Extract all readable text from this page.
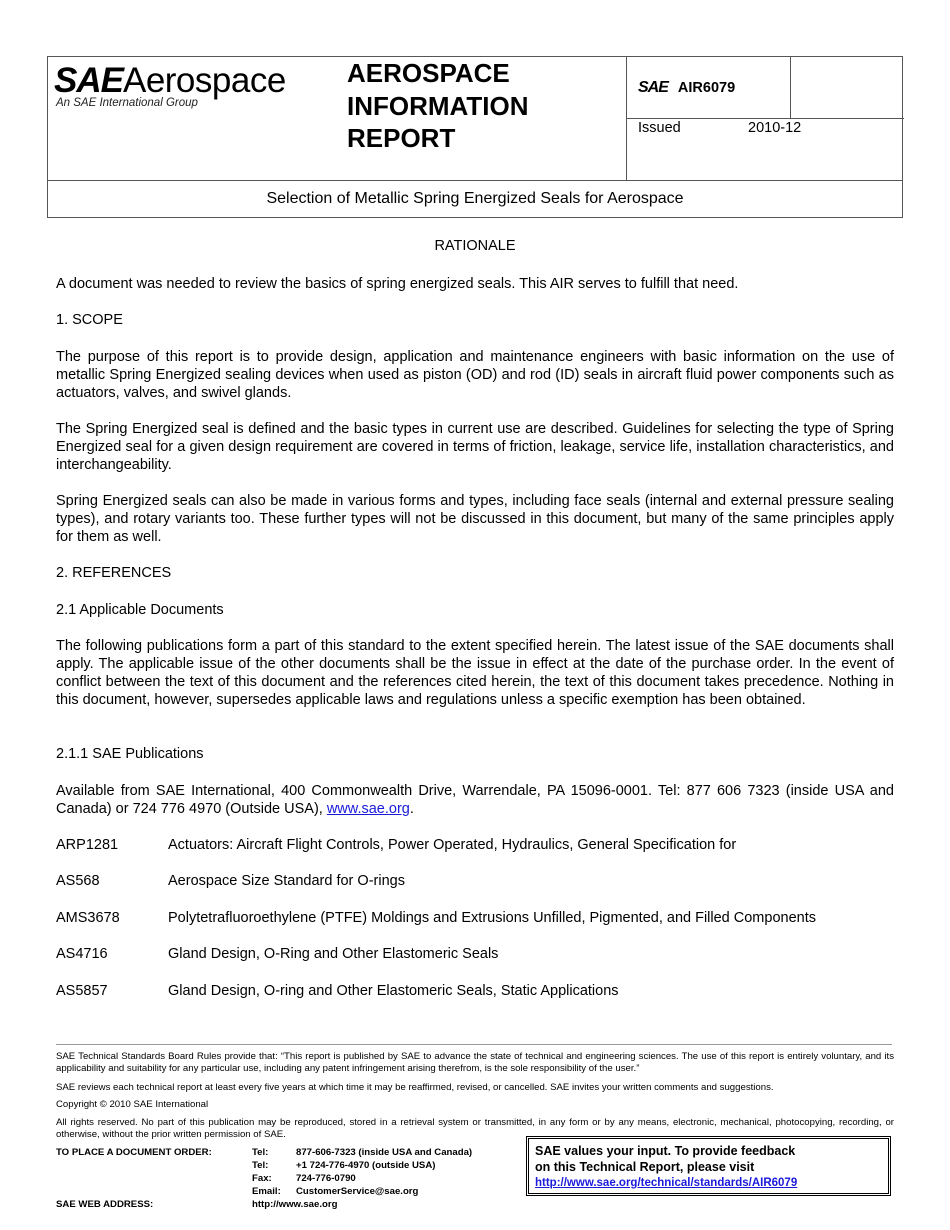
SAEAerospace
An SAE International Group
AEROSPACE
INFORMATION
REPORT
SAE AIR6079
Issued	2010-12
Selection of Metallic Spring Energized Seals for Aerospace
RATIONALE
A document was needed to review the basics of spring energized seals. This AIR serves to fulfill that need.
1. SCOPE
The purpose of this report is to provide design, application and maintenance engineers with basic information on the use of metallic Spring Energized sealing devices when used as piston (OD) and rod (ID) seals in aircraft fluid power components such as actuators, valves, and swivel glands.
The Spring Energized seal is defined and the basic types in current use are described. Guidelines for selecting the type of Spring Energized seal for a given design requirement are covered in terms of friction, leakage, service life, installation characteristics, and interchangeability.
Spring Energized seals can also be made in various forms and types, including face seals (internal and external pressure sealing types), and rotary variants too. These further types will not be discussed in this document, but many of the same principles apply for them as well.
2. REFERENCES
2.1 Applicable Documents
The following publications form a part of this standard to the extent specified herein. The latest issue of the SAE documents shall apply. The applicable issue of the other documents shall be the issue in effect at the date of the purchase order. In the event of conflict between the text of this document and the references cited herein, the text of this document takes precedence. Nothing in this document, however, supersedes applicable laws and regulations unless a specific exemption has been obtained.
2.1.1 SAE Publications
Available from SAE International, 400 Commonwealth Drive, Warrendale, PA 15096-0001. Tel: 877 606 7323 (inside USA and Canada) or 724 776 4970 (Outside USA), www.sae.org.
ARP1281	Actuators: Aircraft Flight Controls, Power Operated, Hydraulics, General Specification for
AS568	Aerospace Size Standard for O-rings
AMS3678	Polytetrafluoroethylene (PTFE) Moldings and Extrusions Unfilled, Pigmented, and Filled Components
AS4716	Gland Design, O-Ring and Other Elastomeric Seals
AS5857	Gland Design, O-ring and Other Elastomeric Seals, Static Applications
SAE Technical Standards Board Rules provide that: “This report is published by SAE to advance the state of technical and engineering sciences. The use of this report is entirely voluntary, and its applicability and suitability for any particular use, including any patent infringement arising therefrom, is the sole responsibility of the user.”
SAE reviews each technical report at least every five years at which time it may be reaffirmed, revised, or cancelled. SAE invites your written comments and suggestions.
Copyright © 2010 SAE International
All rights reserved. No part of this publication may be reproduced, stored in a retrieval system or transmitted, in any form or by any means, electronic, mechanical, photocopying, recording, or otherwise, without the prior written permission of SAE.
TO PLACE A DOCUMENT ORDER:	Tel:	877-606-7323 (inside USA and Canada)
Tel:	+1 724-776-4970 (outside USA)
Fax:	724-776-0790
Email: CustomerService@sae.org
SAE WEB ADDRESS:	http://www.sae.org
SAE values your input. To provide feedback
on this Technical Report, please visit
http://www.sae.org/technical/standards/AIR6079
